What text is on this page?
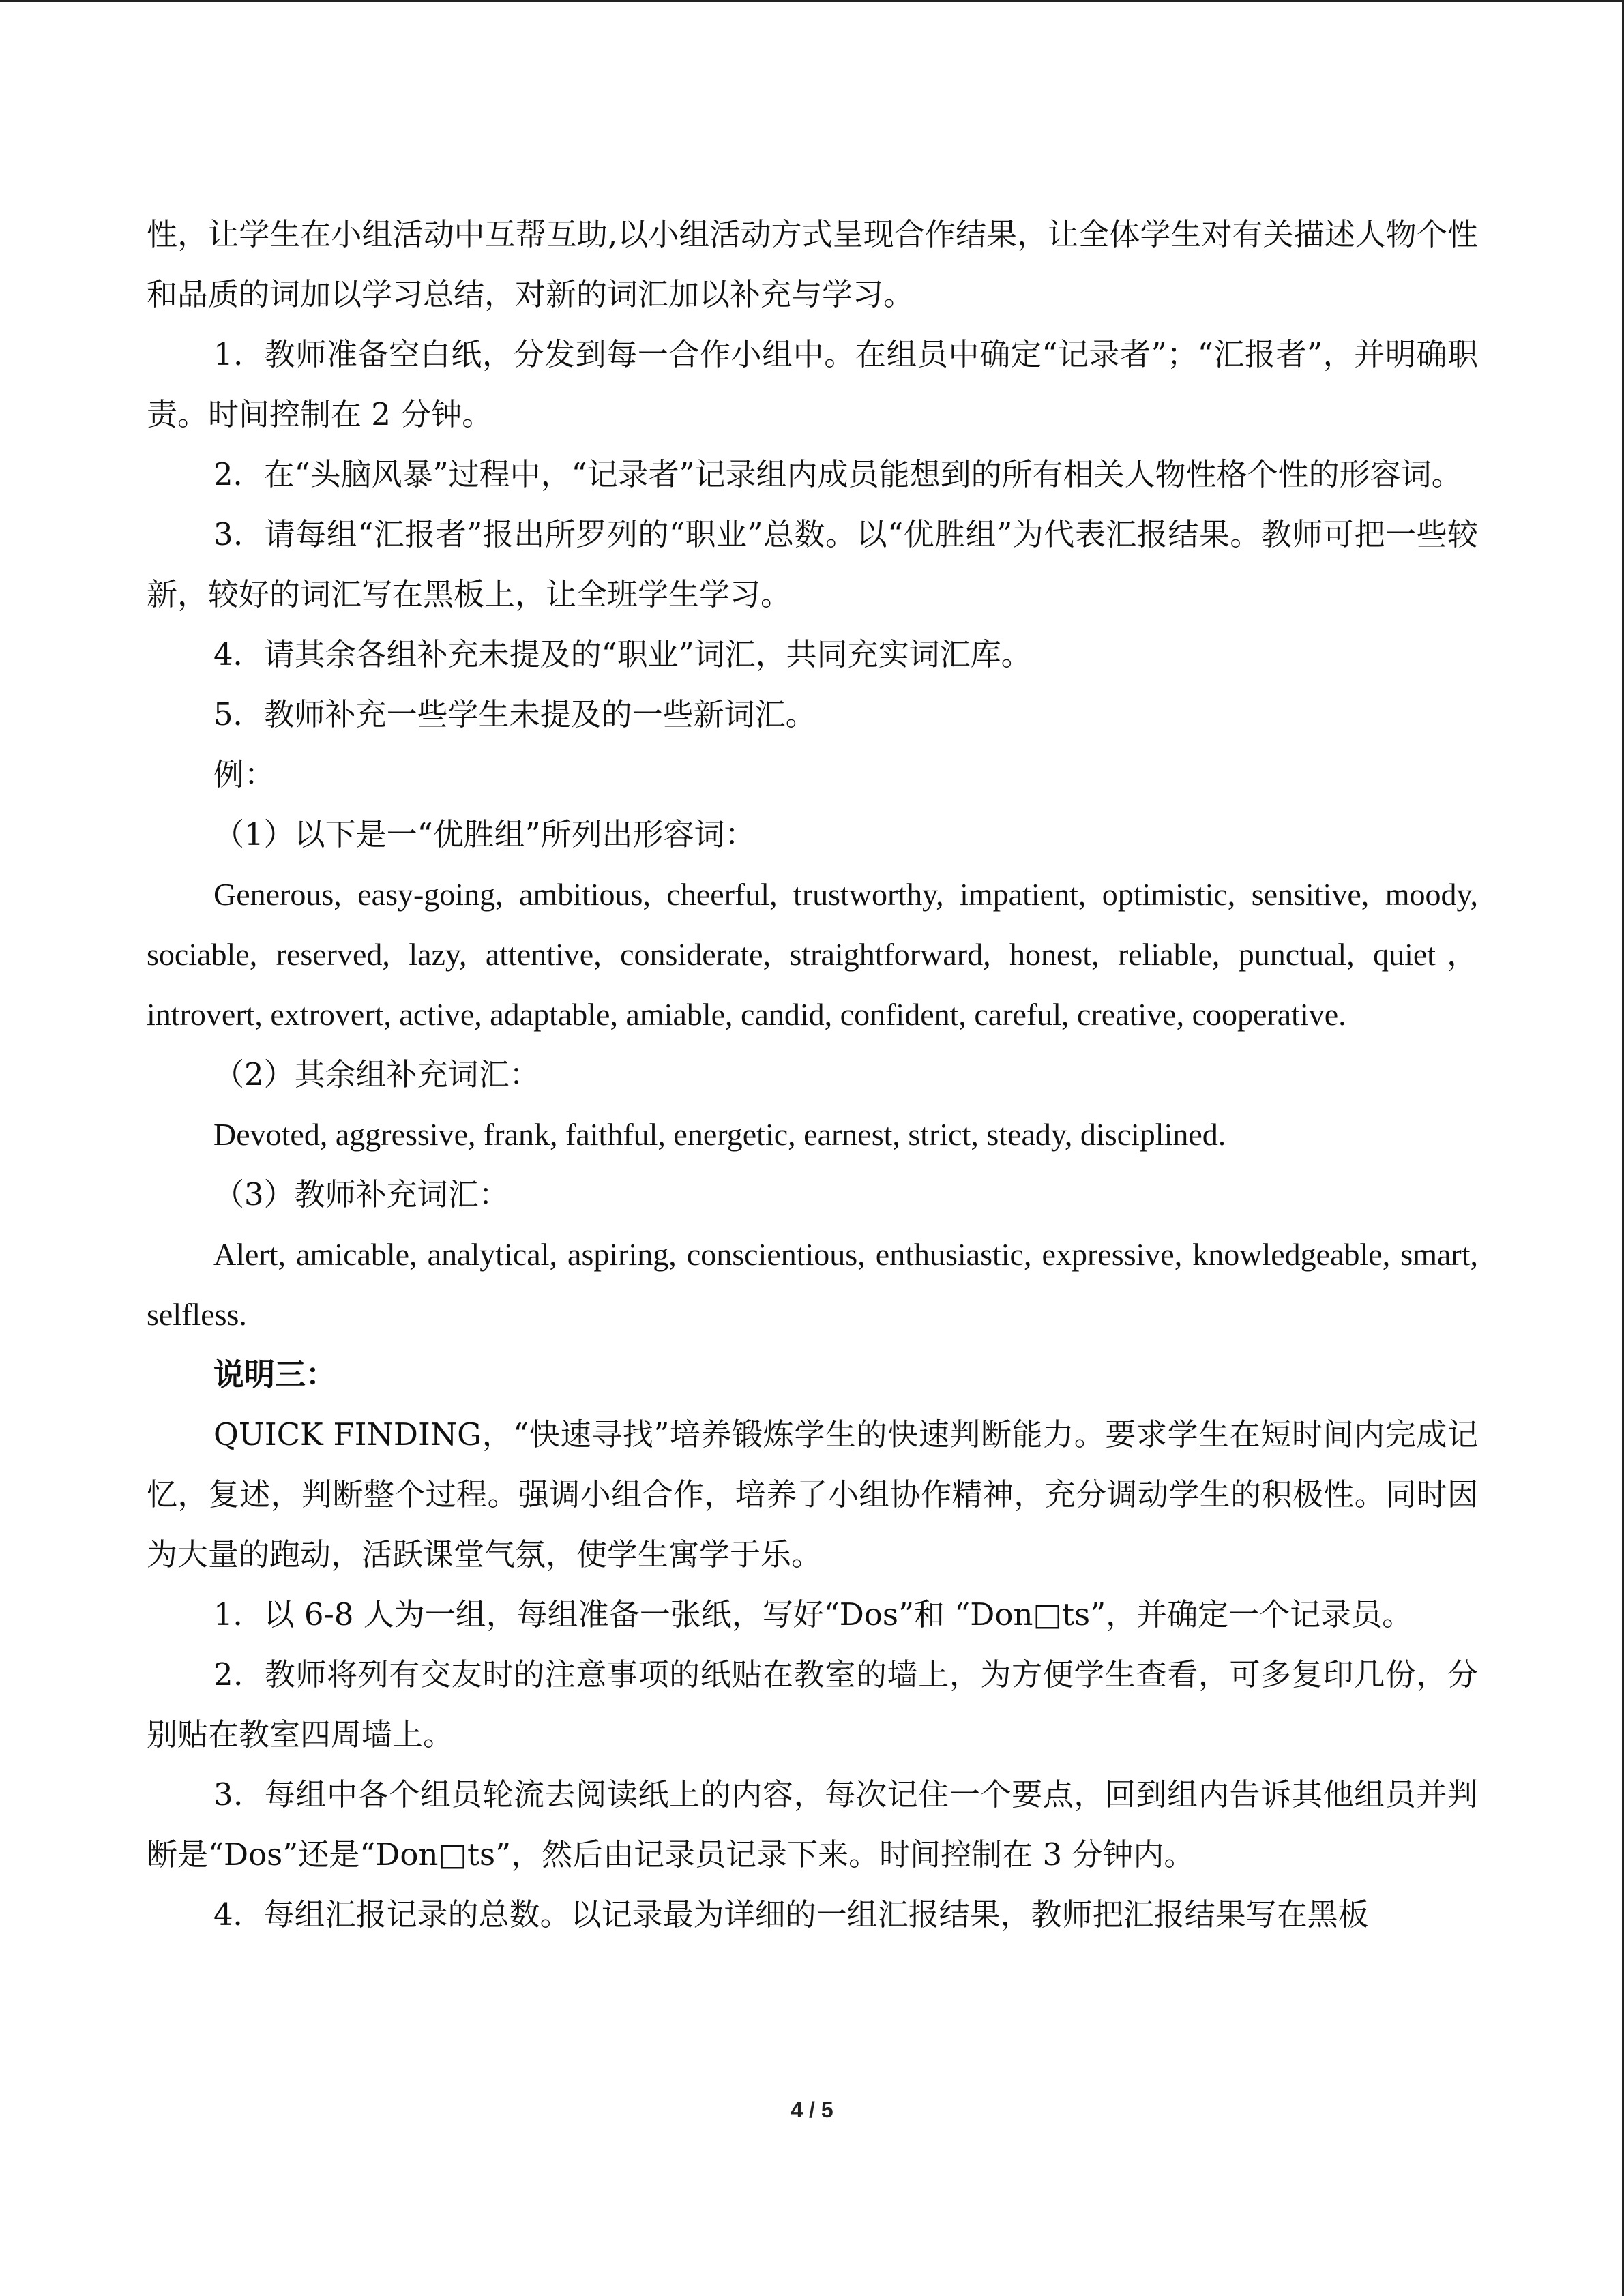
性，让学生在小组活动中互帮互助,以小组活动方式呈现合作结果，让全体学生对有关描述人物个性和品质的词加以学习总结，对新的词汇加以补充与学习。

1．教师准备空白纸，分发到每一合作小组中。在组员中确定“记录者”；“汇报者”，并明确职责。时间控制在 2 分钟。

2．在“头脑风暴”过程中，“记录者”记录组内成员能想到的所有相关人物性格个性的形容词。

3．请每组“汇报者”报出所罗列的“职业”总数。以“优胜组”为代表汇报结果。教师可把一些较新，较好的词汇写在黑板上，让全班学生学习。

4．请其余各组补充未提及的“职业”词汇，共同充实词汇库。

5．教师补充一些学生未提及的一些新词汇。

例：

（1）以下是一“优胜组”所列出形容词：

Generous, easy-going, ambitious, cheerful, trustworthy, impatient, optimistic, sensitive, moody, sociable, reserved, lazy, attentive, considerate, straightforward, honest, reliable, punctual, quiet，introvert, extrovert, active, adaptable, amiable, candid, confident, careful, creative, cooperative.

（2）其余组补充词汇：

Devoted, aggressive, frank, faithful, energetic, earnest, strict, steady, disciplined.

（3）教师补充词汇：

Alert, amicable, analytical, aspiring, conscientious, enthusiastic, expressive, knowledgeable, smart, selfless.

说明三：

QUICK FINDING，“快速寻找”培养锻炼学生的快速判断能力。要求学生在短时间内完成记忆，复述，判断整个过程。强调小组合作，培养了小组协作精神，充分调动学生的积极性。同时因为大量的跑动，活跃课堂气氛，使学生寓学于乐。

1．以 6-8 人为一组，每组准备一张纸，写好“Dos”和 “Don□ts”，并确定一个记录员。

2．教师将列有交友时的注意事项的纸贴在教室的墙上，为方便学生查看，可多复印几份，分别贴在教室四周墙上。

3．每组中各个组员轮流去阅读纸上的内容，每次记住一个要点，回到组内告诉其他组员并判断是“Dos”还是“Don□ts”，然后由记录员记录下来。时间控制在 3 分钟内。

4．每组汇报记录的总数。以记录最为详细的一组汇报结果，教师把汇报结果写在黑板

4 / 5
